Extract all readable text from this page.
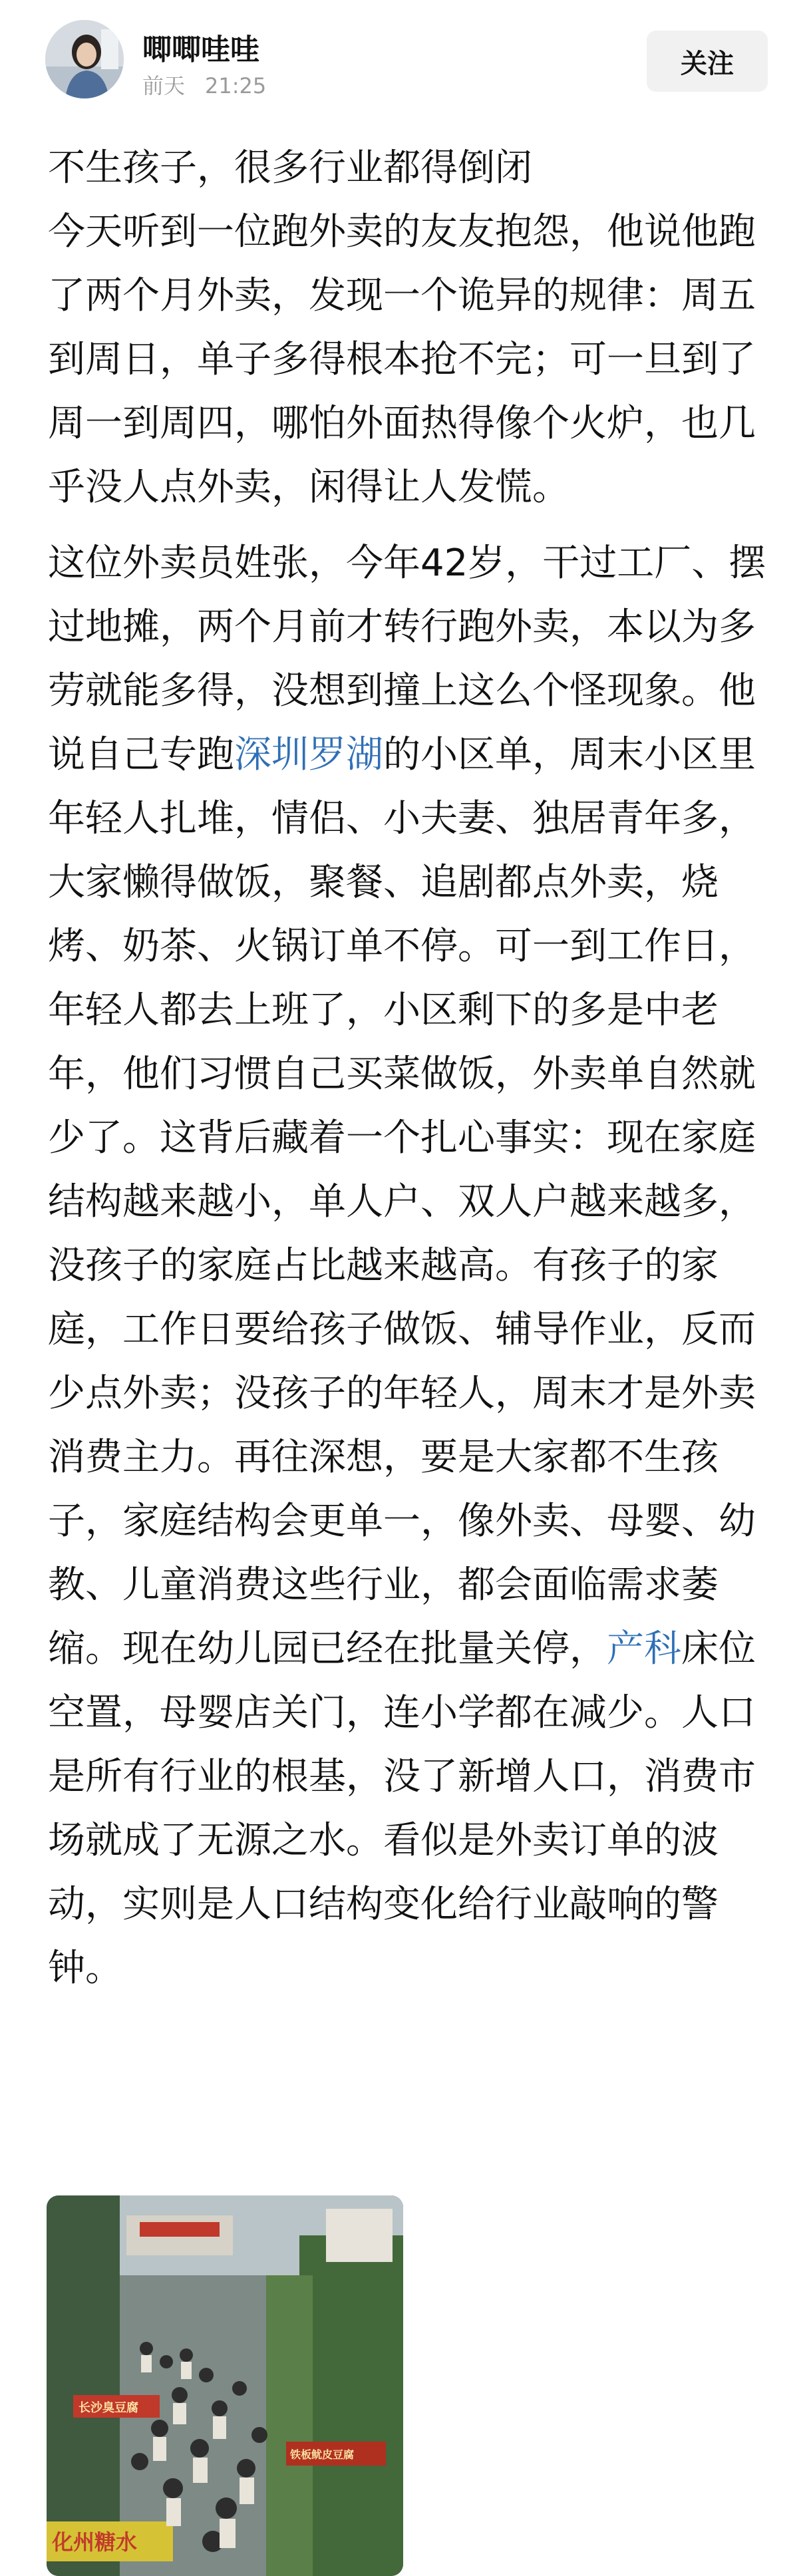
唧唧哇哇
前天 21:25
关注

不生孩子，很多行业都得倒闭
今天听到一位跑外卖的友友抱怨，他说他跑了两个月外卖，发现一个诡异的规律：周五到周日，单子多得根本抢不完；可一旦到了周一到周四，哪怕外面热得像个火炉，也几乎没人点外卖，闲得让人发慌。

这位外卖员姓张，今年42岁，干过工厂、摆过地摊，两个月前才转行跑外卖，本以为多劳就能多得，没想到撞上这么个怪现象。他说自己专跑深圳罗湖的小区单，周末小区里年轻人扎堆，情侣、小夫妻、独居青年多，大家懒得做饭，聚餐、追剧都点外卖，烧烤、奶茶、火锅订单不停。可一到工作日，年轻人都去上班了，小区剩下的多是中老年，他们习惯自己买菜做饭，外卖单自然就少了。这背后藏着一个扎心事实：现在家庭结构越来越小，单人户、双人户越来越多，没孩子的家庭占比越来越高。有孩子的家庭，工作日要给孩子做饭、辅导作业，反而少点外卖；没孩子的年轻人，周末才是外卖消费主力。再往深想，要是大家都不生孩子，家庭结构会更单一，像外卖、母婴、幼教、儿童消费这些行业，都会面临需求萎缩。现在幼儿园已经在批量关停，产科床位空置，母婴店关门，连小学都在减少。人口是所有行业的根基，没了新增人口，消费市场就成了无源之水。看似是外卖订单的波动，实则是人口结构变化给行业敲响的警钟。

长沙臭豆腐
铁板鱿皮豆腐
化州糖水
